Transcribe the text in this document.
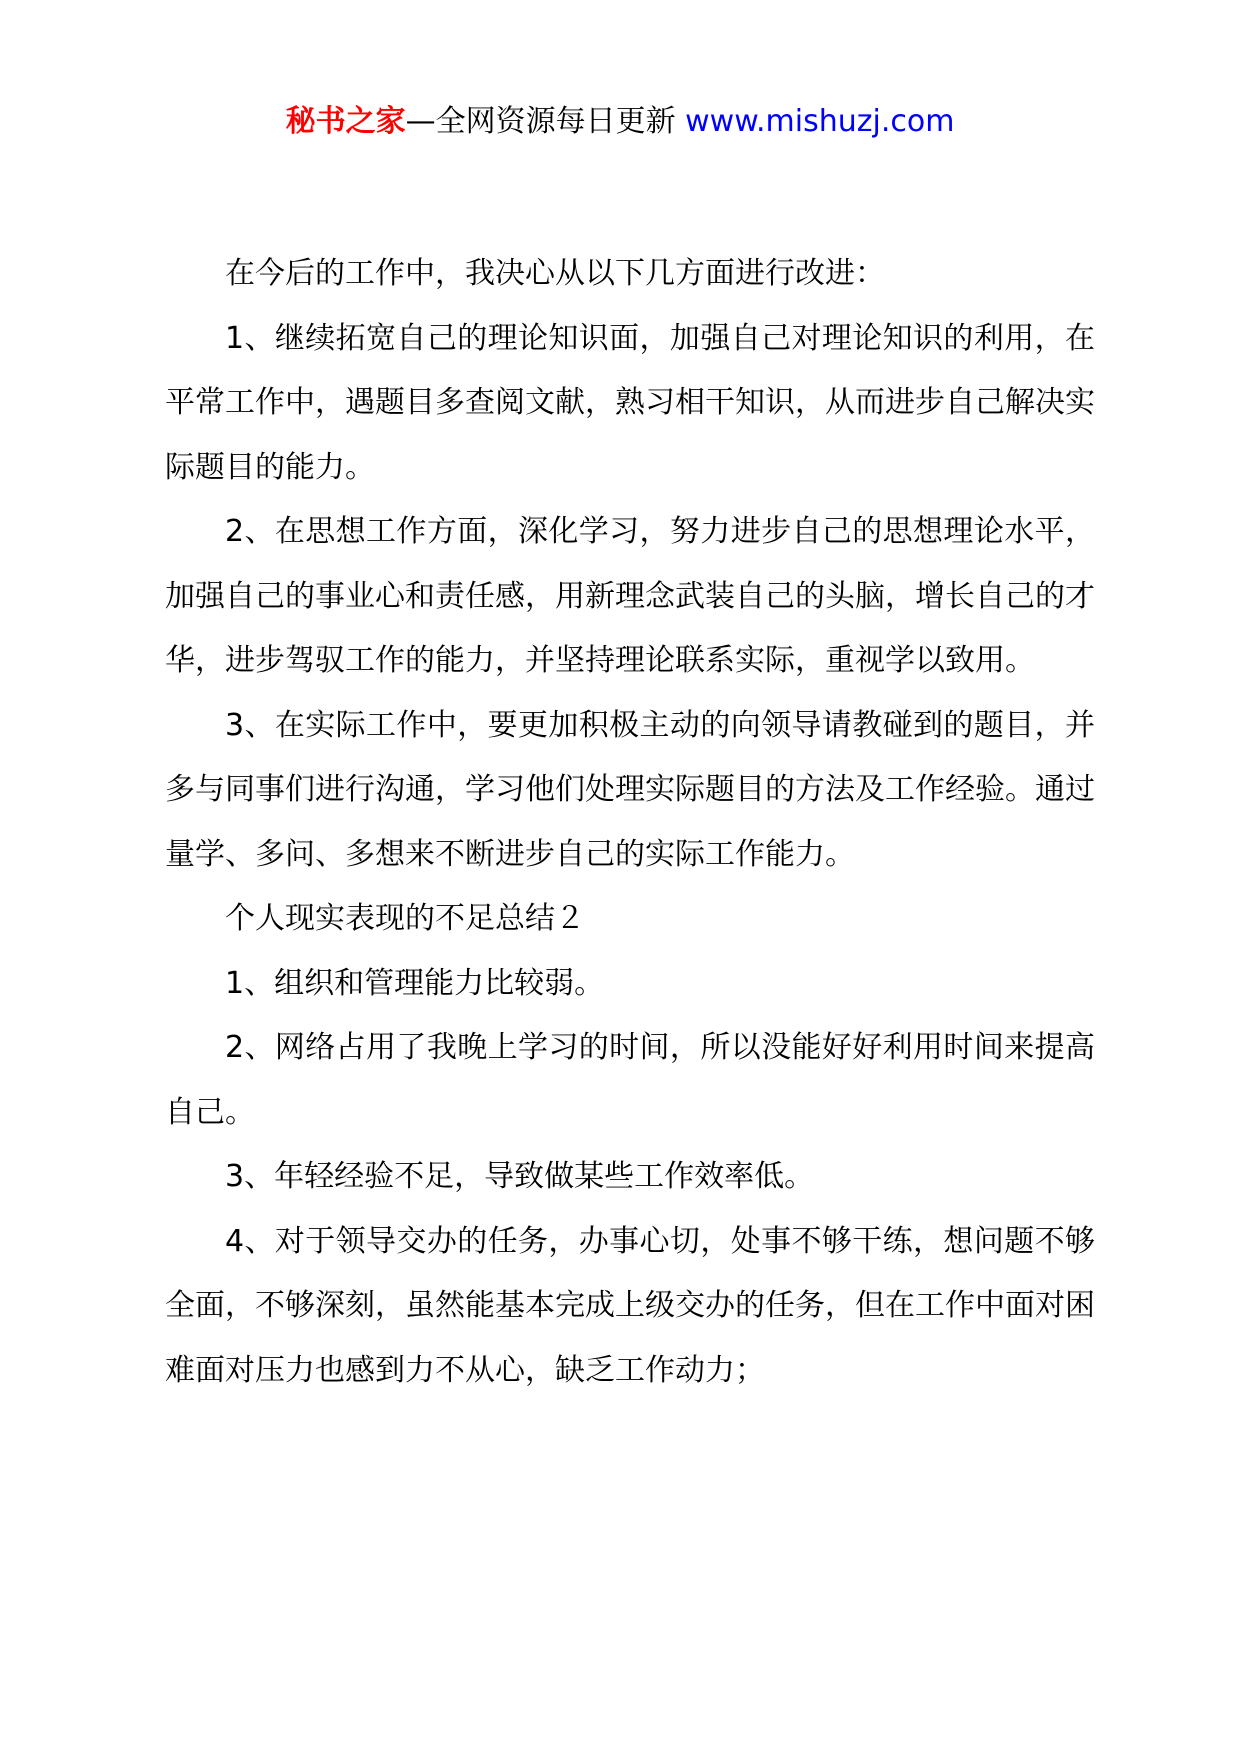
秘书之家—全网资源每日更新 www.mishuzj.com

在今后的工作中，我决心从以下几方面进行改进：

1、继续拓宽自己的理论知识面，加强自己对理论知识的利用，在平常工作中，遇题目多查阅文献，熟习相干知识，从而进步自己解决实际题目的能力。

2、在思想工作方面，深化学习，努力进步自己的思想理论水平，加强自己的事业心和责任感，用新理念武装自己的头脑，增长自己的才华，进步驾驭工作的能力，并坚持理论联系实际，重视学以致用。

3、在实际工作中，要更加积极主动的向领导请教碰到的题目，并多与同事们进行沟通，学习他们处理实际题目的方法及工作经验。通过量学、多问、多想来不断进步自己的实际工作能力。

个人现实表现的不足总结２

1、组织和管理能力比较弱。

2、网络占用了我晚上学习的时间，所以没能好好利用时间来提高自己。

3、年轻经验不足，导致做某些工作效率低。

4、对于领导交办的任务，办事心切，处事不够干练，想问题不够全面，不够深刻，虽然能基本完成上级交办的任务，但在工作中面对困难面对压力也感到力不从心，缺乏工作动力；
